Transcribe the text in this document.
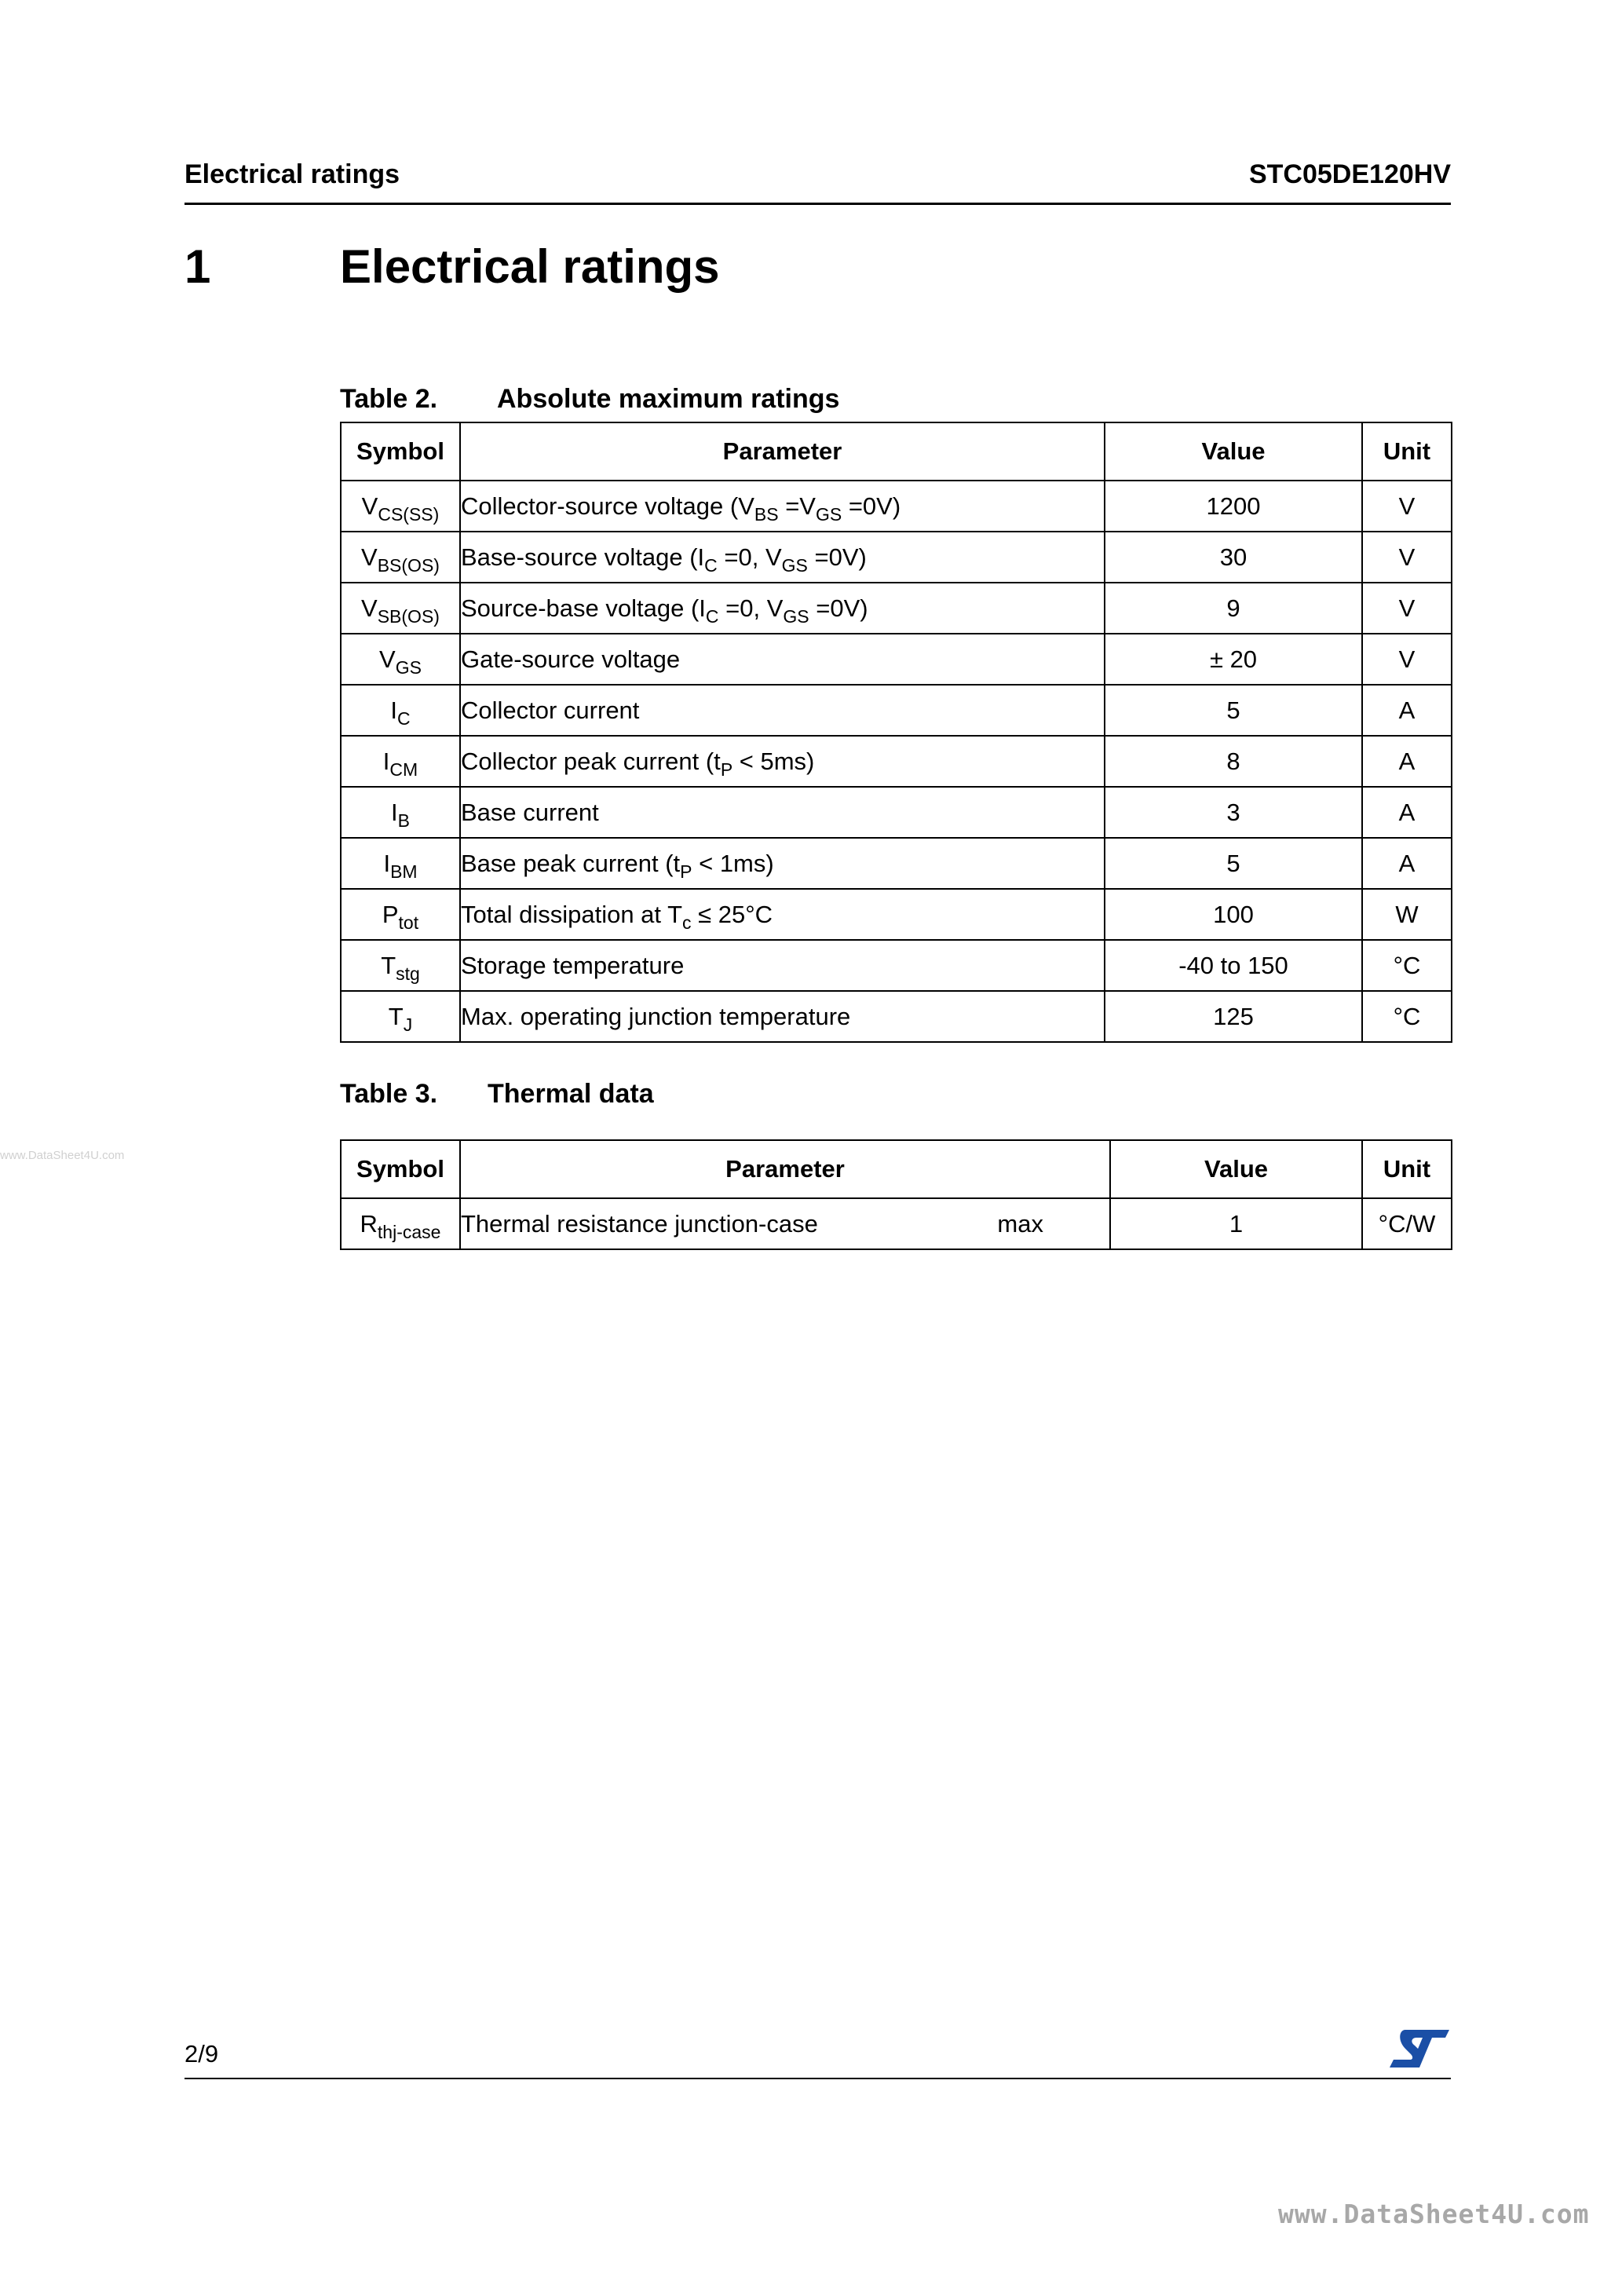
Electrical ratings	STC05DE120HV
1	Electrical ratings
Table 2. Absolute maximum ratings
Symbol	Parameter	Value	Unit
$V_{CS(SS)}$	Collector-source voltage $(V_{BS} =V_{GS} =0V)$	1200	V
$V_{BS(OS)}$	Base-source voltage ($I_C =0$, $V_{GS} =0V$)	30	V
$V_{SB(OS)}$	Source-base voltage ($I_C =0$, $V_{GS} =0V$)	9	V
$V_{GS}$	Gate-source voltage	± 20	V
$I_C$	Collector current	5	A
$I_{CM}$	Collector peak current $(t_P < 5ms)$	8	A
$I_B$	Base current	3	A
$I_{BM}$	Base peak current $(t_P < 1ms)$	5	A
$P_{tot}$	Total dissipation at $T_c \le 25^\circ C$	100	W
$T_{stg}$	Storage temperature	-40 to 150	°C
$T_J$	Max. operating junction temperature	125	°C
Table 3. Thermal data
Symbol	Parameter	Value	Unit
$R_{thj-case}$	Thermal resistance junction-case max	1	°C/W
www.DataSheet4U.com
2/9
www.DataSheet4U.com
